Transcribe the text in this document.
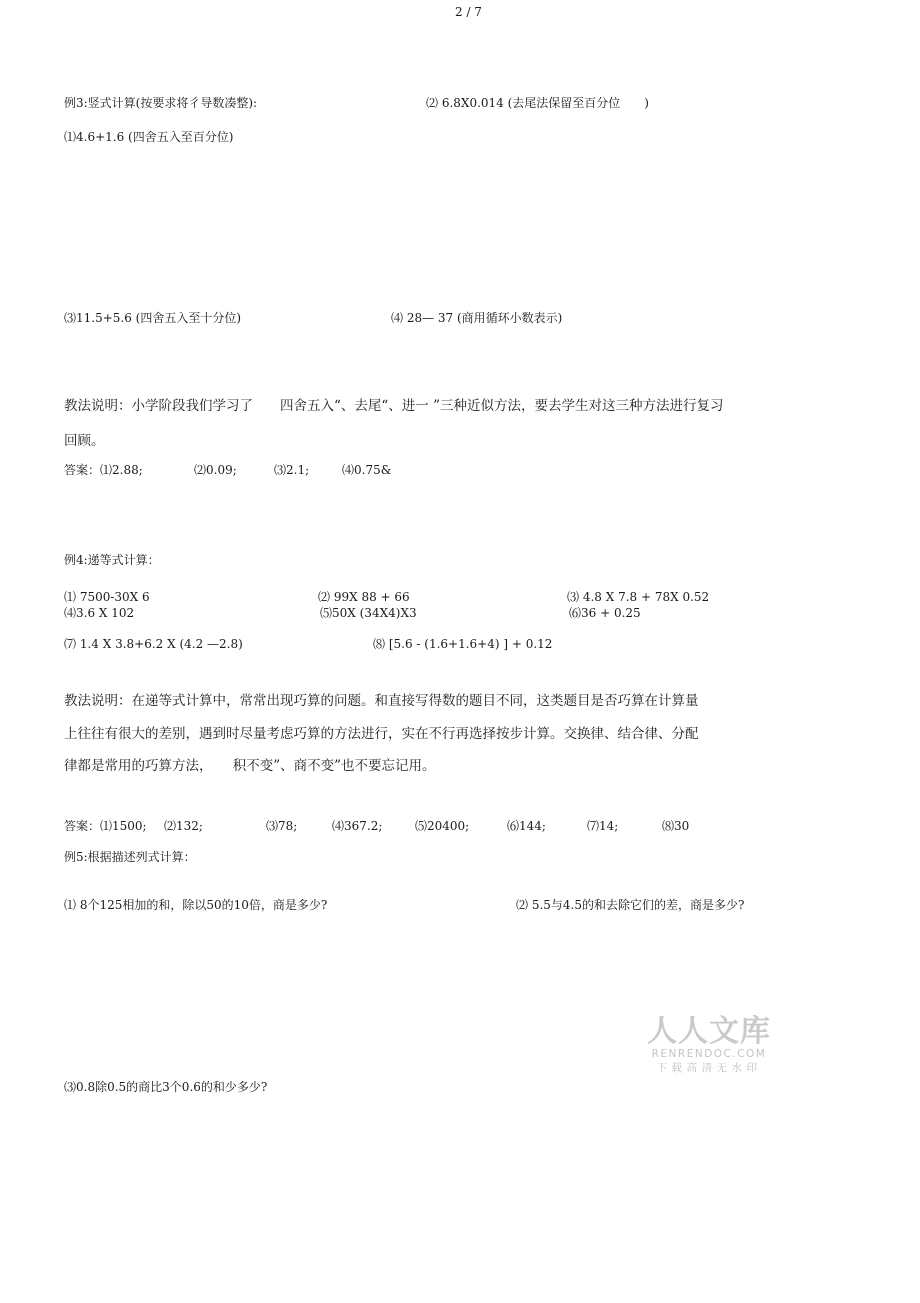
2 / 7
例3:竖式计算(按要求将彳导数凑整):	⑵ 6.8X0.014 (去尾法保留至百分位　　)
⑴4.6+1.6 (四舍五入至百分位)
⑶11.5+5.6 (四舍五入至十分位)	⑷ 28— 37 (商用循环小数表示)
教法说明：小学阶段我们学习了　　四舍五入“、去尾“、进一 ”三种近似方法，要去学生对这三种方法进行复习
回顾。
答案：⑴2.88;	⑵0.09;	⑶2.1;	⑷0.75&
例4:递等式计算：
⑴ 7500-30X 6	⑵ 99X 88 + 66	⑶ 4.8 X 7.8 + 78X 0.52
⑷3.6 X 102	⑸50X (34X4)X3	⑹36 + 0.25
⑺ 1.4 X 3.8+6.2 X (4.2 —2.8)	⑻ [5.6 - (1.6+1.6+4) ] + 0.12
教法说明：在递等式计算中，常常出现巧算的问题。和直接写得数的题目不同，这类题目是否巧算在计算量
上往往有很大的差别，遇到时尽量考虑巧算的方法进行，实在不行再选择按步计算。交换律、结合律、分配
律都是常用的巧算方法，　　积不变”、商不变”也不要忘记用。
答案：⑴1500; ⑵132;	⑶78;	⑷367.2;	⑸20400;	⑹144;	⑺14;	⑻30
例5:根据描述列式计算：
⑴ 8个125相加的和，除以50的10倍，商是多少?	⑵ 5.5与4.5的和去除它们的差，商是多少?
人人文库
RENRENDOC.COM
下载高清无水印
⑶0.8除0.5的商比3个0.6的和少多少?
